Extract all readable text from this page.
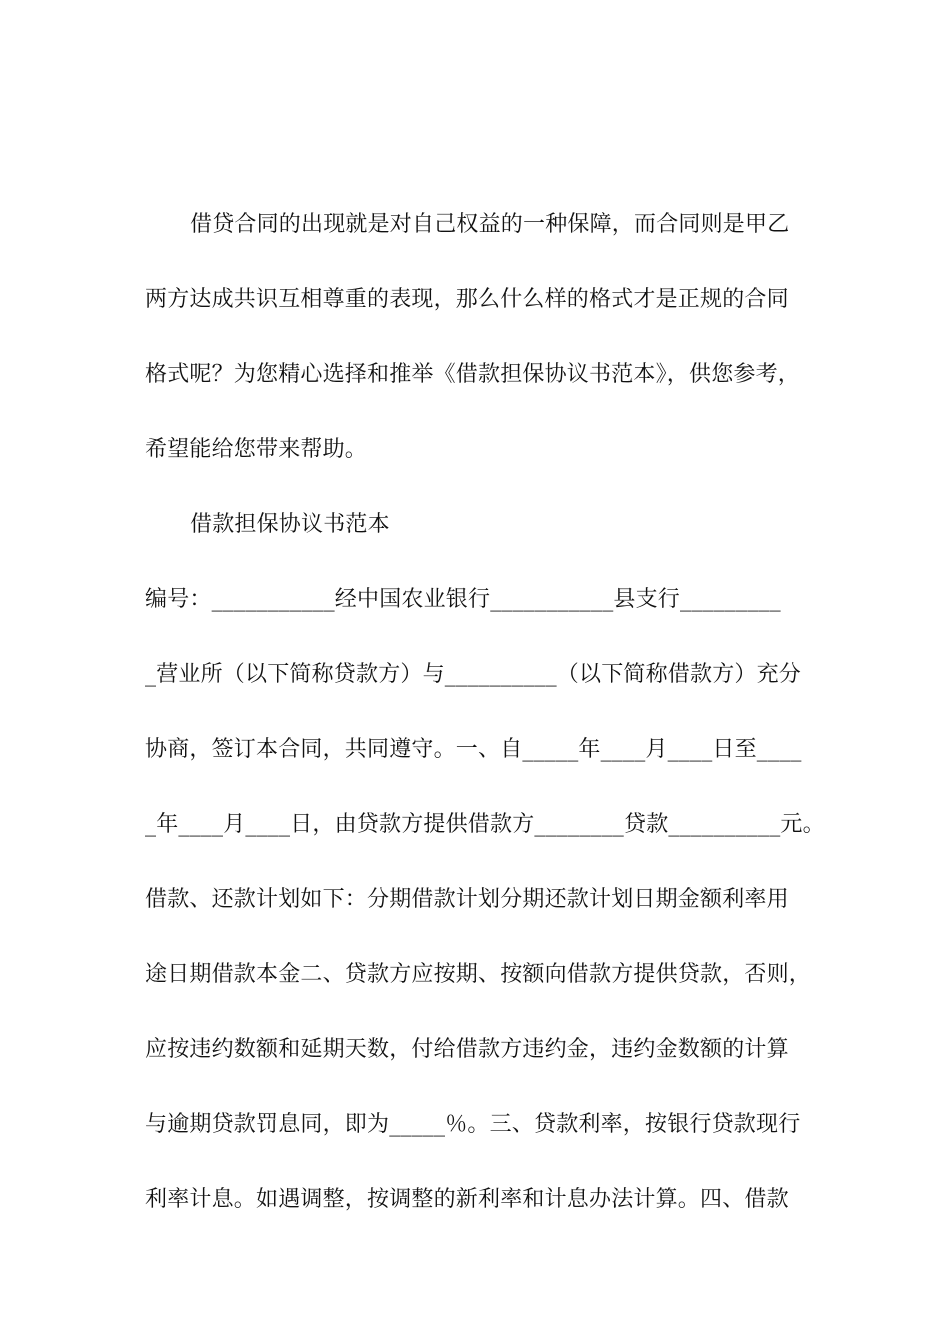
借贷合同的出现就是对自己权益的一种保障，而合同则是甲乙
两方达成共识互相尊重的表现，那么什么样的格式才是正规的合同
格式呢？为您精心选择和推举《借款担保协议书范本》，供您参考，
希望能给您带来帮助。
借款担保协议书范本
编号：___________经中国农业银行___________县支行_________
_营业所（以下简称贷款方）与__________（以下简称借款方）充分
协商，签订本合同，共同遵守。一、自_____年____月____日至____
_年____月____日，由贷款方提供借款方________贷款__________元。
借款、还款计划如下：分期借款计划分期还款计划日期金额利率用
途日期借款本金二、贷款方应按期、按额向借款方提供贷款，否则，
应按违约数额和延期天数，付给借款方违约金，违约金数额的计算
与逾期贷款罚息同，即为_____％。三、贷款利率，按银行贷款现行
利率计息。如遇调整，按调整的新利率和计息办法计算。四、借款
